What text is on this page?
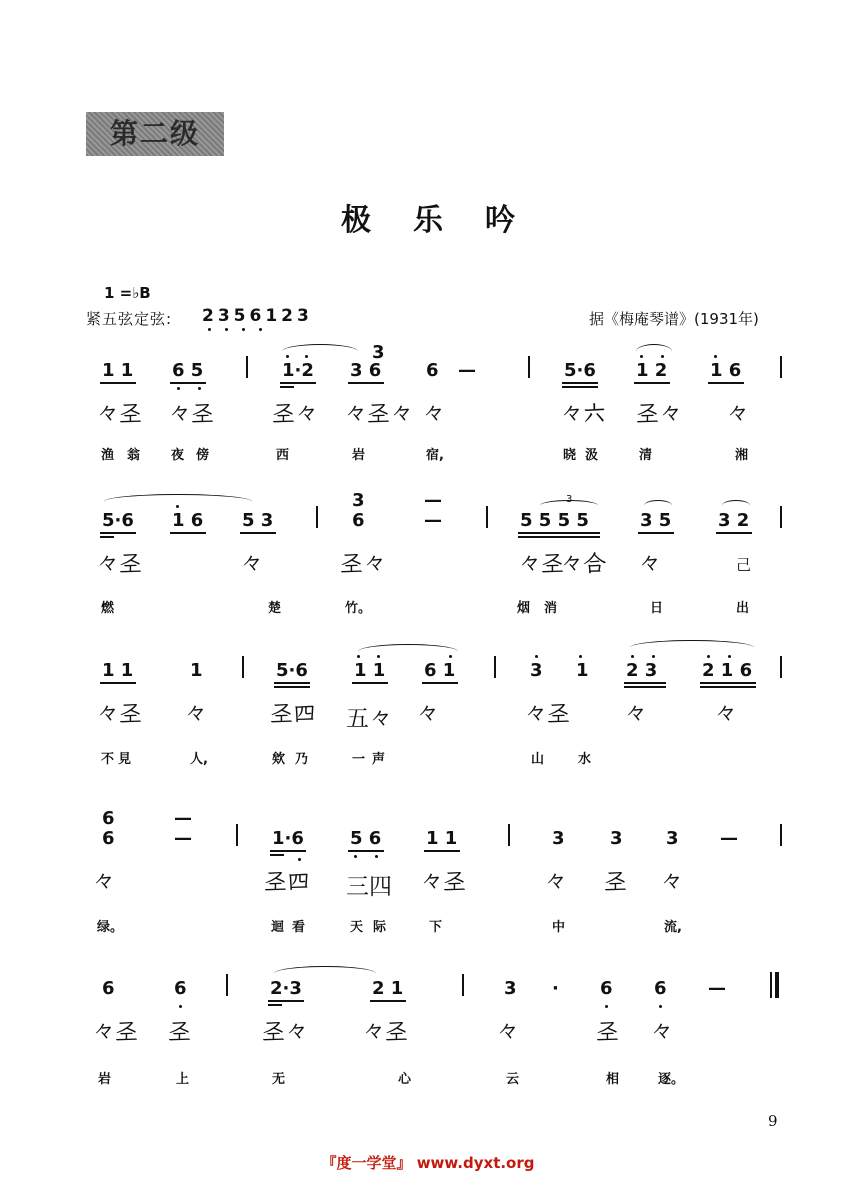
第二级
极乐吟
1 =♭B
紧五弦定弦: 2356123	据《梅庵琴谱》(1931年)
1 1 6 5	1·2 3 6 6 —	5·6 1 2 1 6
3
𠚤𢀖 𠚤𢀖	𢀖𠚤 𠚤𢀖𠚤 𠚤	𠚤六 𢀖𠚤 𠚤
渔 翁 夜 傍	西	岩	宿,	晓 汲	清	湘
5·6 1 6 5 3	6	—	5 5 5 5	3 5	3 2
3	—	3
𠚤𢀖	𠚤	𢀖𠚤	𠚤𢀖
𠚤合 𠚤	己
燃	楚	竹。	烟 消	日	出
1 1	1	5·6	1 1 6 1	3 1 2 3 2 1 6
𠚤𢀖 𠚤	𢀖四 五𠚤 𠚤	𠚤𢀖 𠚤	𠚤
不 見	人,	欸 乃	一 声	山	水
6	—
6	—	1·6	5 6 1 1	3	3 3 —
𠚤	𢀖四 三四 𠚤𢀖	𠚤 𢀖 𠚤
绿。	迴 看	天 际	下	中	流,
6	6	2·3	2 1	3 · 6 6 —
𠚤𢀖 𢀖	𢀖𠚤 𠚤𢀖	𠚤	𢀖 𠚤
岩	上	无	心	云	相	逐。
9
『度一学堂』 www.dyxt.org
